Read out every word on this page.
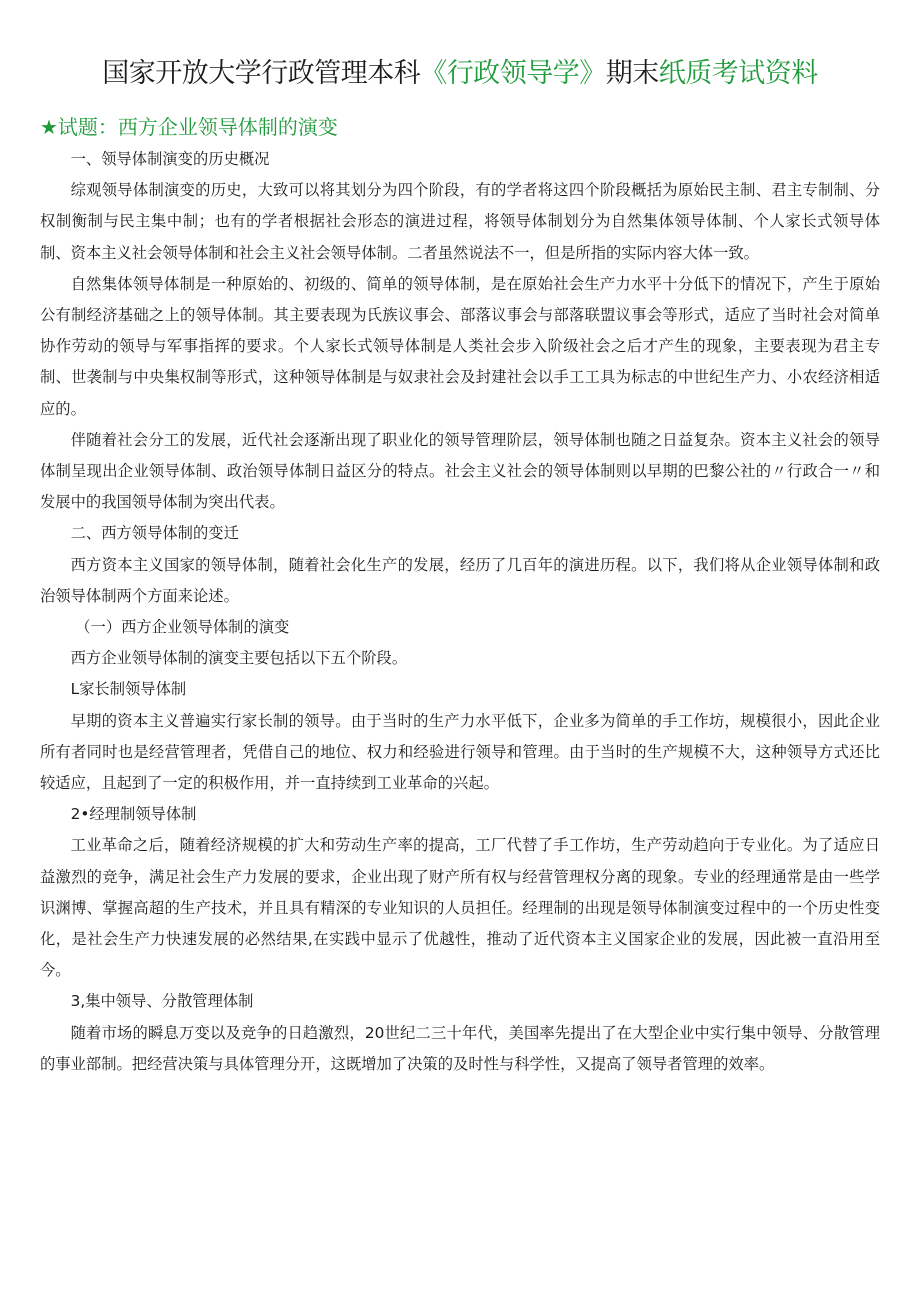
国家开放大学行政管理本科《行政领导学》期末纸质考试资料
★试题：西方企业领导体制的演变

一、领导体制演变的历史概况

综观领导体制演变的历史，大致可以将其划分为四个阶段，有的学者将这四个阶段概括为原始民主制、君主专制制、分权制衡制与民主集中制；也有的学者根据社会形态的演进过程，将领导体制划分为自然集体领导体制、个人家长式领导体制、资本主义社会领导体制和社会主义社会领导体制。二者虽然说法不一，但是所指的实际内容大体一致。

自然集体领导体制是一种原始的、初级的、简单的领导体制，是在原始社会生产力水平十分低下的情况下，产生于原始公有制经济基础之上的领导体制。其主要表现为氏族议事会、部落议事会与部落联盟议事会等形式，适应了当时社会对简单协作劳动的领导与军事指挥的要求。个人家长式领导体制是人类社会步入阶级社会之后才产生的现象，主要表现为君主专制、世袭制与中央集权制等形式，这种领导体制是与奴隶社会及封建社会以手工工具为标志的中世纪生产力、小农经济相适应的。

伴随着社会分工的发展，近代社会逐渐出现了职业化的领导管理阶层，领导体制也随之日益复杂。资本主义社会的领导体制呈现出企业领导体制、政治领导体制日益区分的特点。社会主义社会的领导体制则以早期的巴黎公社的〃行政合一〃和发展中的我国领导体制为突出代表。

二、西方领导体制的变迁

西方资本主义国家的领导体制，随着社会化生产的发展，经历了几百年的演进历程。以下，我们将从企业领导体制和政治领导体制两个方面来论述。

（一）西方企业领导体制的演变

西方企业领导体制的演变主要包括以下五个阶段。

L家长制领导体制

早期的资本主义普遍实行家长制的领导。由于当时的生产力水平低下，企业多为简单的手工作坊，规模很小，因此企业所有者同时也是经营管理者，凭借自己的地位、权力和经验进行领导和管理。由于当时的生产规模不大，这种领导方式还比较适应，且起到了一定的积极作用，并一直持续到工业革命的兴起。

2•经理制领导体制

工业革命之后，随着经济规模的扩大和劳动生产率的提高，工厂代替了手工作坊，生产劳动趋向于专业化。为了适应日益激烈的竞争，满足社会生产力发展的要求，企业出现了财产所有权与经营管理权分离的现象。专业的经理通常是由一些学识渊博、掌握高超的生产技术，并且具有精深的专业知识的人员担任。经理制的出现是领导体制演变过程中的一个历史性变化，是社会生产力快速发展的必然结果,在实践中显示了优越性，推动了近代资本主义国家企业的发展，因此被一直沿用至今。

3,集中领导、分散管理体制

随着市场的瞬息万变以及竞争的日趋激烈，20世纪二三十年代，美国率先提出了在大型企业中实行集中领导、分散管理的事业部制。把经营决策与具体管理分开，这既增加了决策的及时性与科学性，又提高了领导者管理的效率。
